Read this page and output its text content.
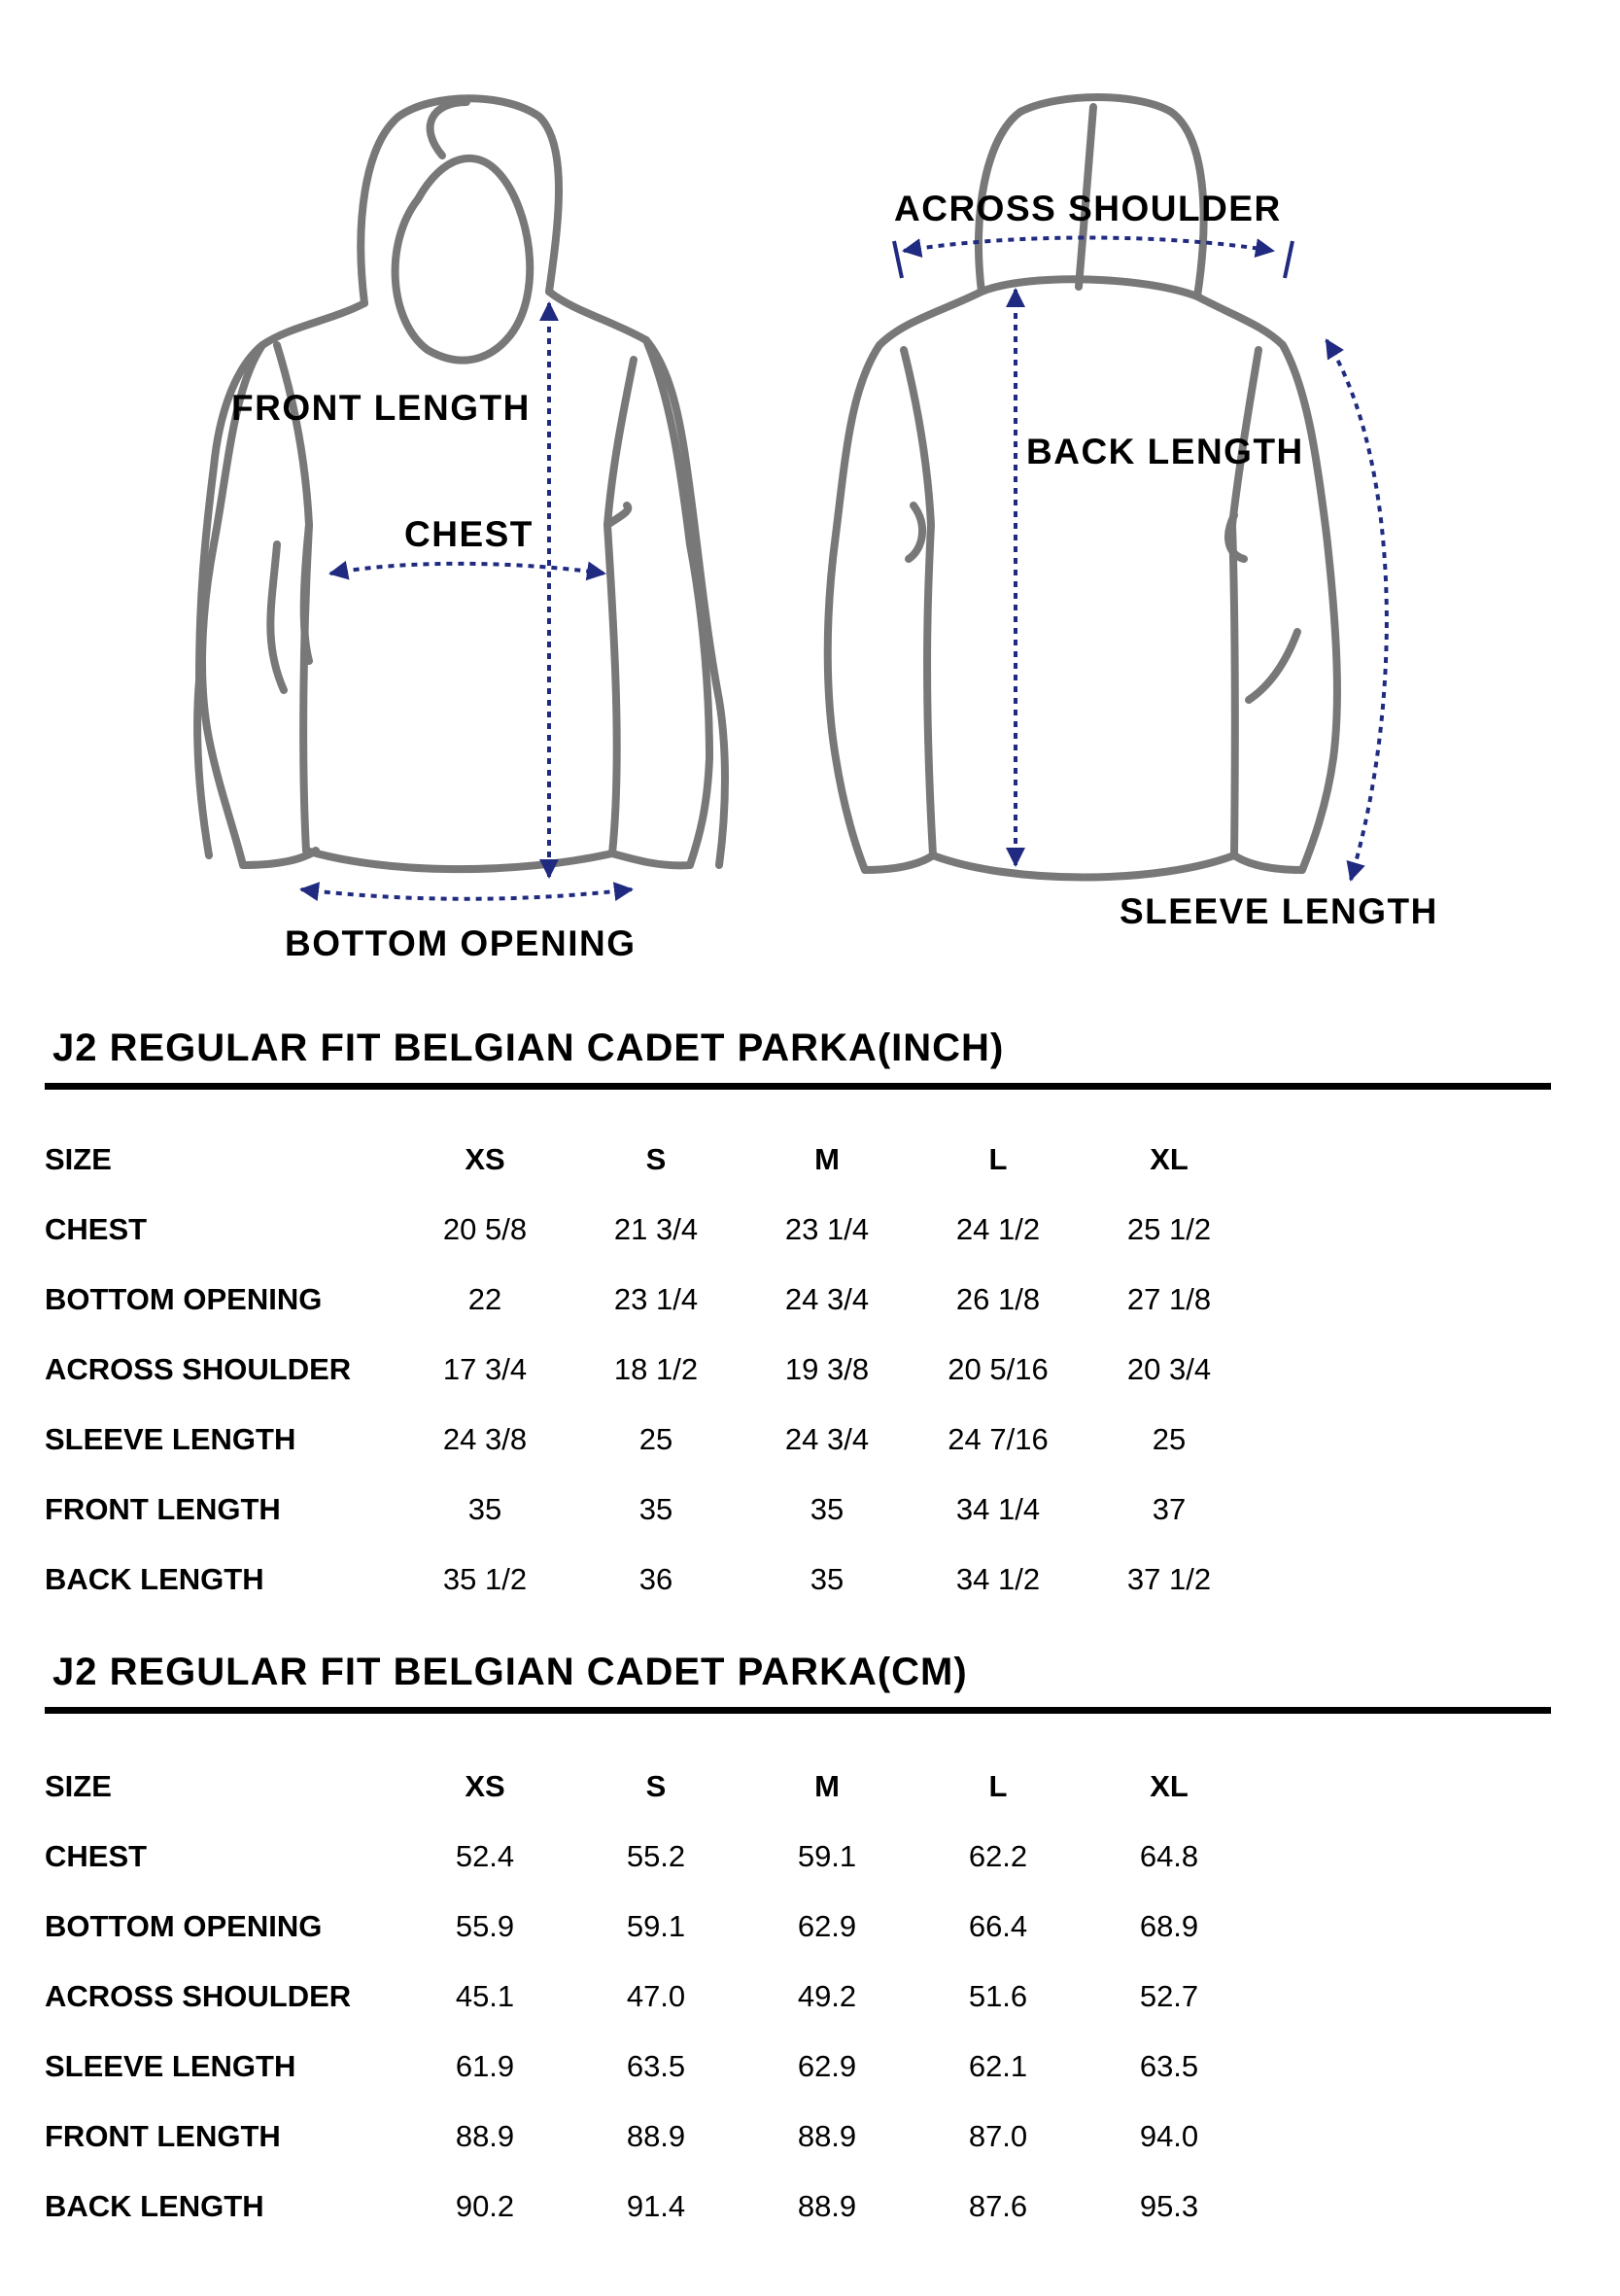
FRONT LENGTH
CHEST
BOTTOM OPENING
ACROSS SHOULDER
BACK LENGTH
SLEEVE LENGTH
J2 REGULAR FIT BELGIAN CADET PARKA(INCH)
SIZE	XS	S	M	L	XL
CHEST	20 5/8	21 3/4	23 1/4	24 1/2	25 1/2
BOTTOM OPENING	22	23 1/4	24 3/4	26 1/8	27 1/8
ACROSS SHOULDER	17 3/4	18 1/2	19 3/8	20 5/16	20 3/4
SLEEVE LENGTH	24 3/8	25	24 3/4	24 7/16	25
FRONT LENGTH	35	35	35	34 1/4	37
BACK LENGTH	35 1/2	36	35	34 1/2	37 1/2
J2 REGULAR FIT BELGIAN CADET PARKA(CM)
SIZE	XS	S	M	L	XL
CHEST	52.4	55.2	59.1	62.2	64.8
BOTTOM OPENING	55.9	59.1	62.9	66.4	68.9
ACROSS SHOULDER	45.1	47.0	49.2	51.6	52.7
SLEEVE LENGTH	61.9	63.5	62.9	62.1	63.5
FRONT LENGTH	88.9	88.9	88.9	87.0	94.0
BACK LENGTH	90.2	91.4	88.9	87.6	95.3
